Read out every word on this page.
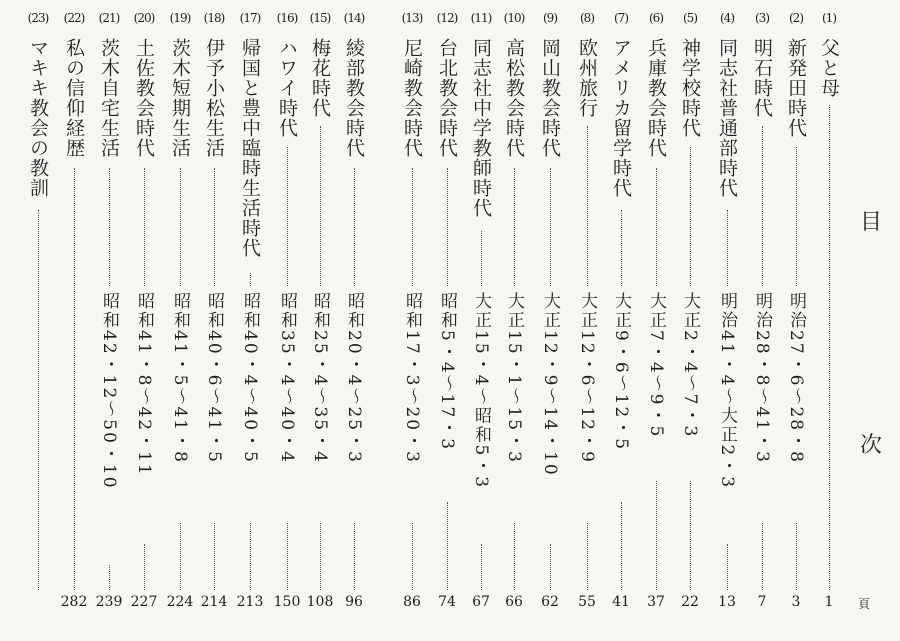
目
次
頁
(1)
父と母
1
(2)
新発田時代
明治27・6〜28・8
3
(3)
明石時代
明治28・8〜41・3
7
(4)
同志社普通部時代
明治41・4〜大正2・3
13
(5)
神学校時代
大正2・4〜7・3
22
(6)
兵庫教会時代
大正7・4〜9・5
37
(7)
アメリカ留学時代
大正9・6〜12・5
41
(8)
欧州旅行
大正12・6〜12・9
55
(9)
岡山教会時代
大正12・9〜14・10
62
(10)
高松教会時代
大正15・1〜15・3
66
(11)
同志社中学教師時代
大正15・4〜昭和5・3
67
(12)
台北教会時代
昭和5・4〜17・3
74
(13)
尼崎教会時代
昭和17・3〜20・3
86
(14)
綾部教会時代
昭和20・4〜25・3
96
(15)
梅花時代
昭和25・4〜35・4
108
(16)
ハワイ時代
昭和35・4〜40・4
150
(17)
帰国と豊中臨時生活時代
昭和40・4〜40・5
213
(18)
伊予小松生活
昭和40・6〜41・5
214
(19)
茨木短期生活
昭和41・5〜41・8
224
(20)
土佐教会時代
昭和41・8〜42・11
227
(21)
茨木自宅生活
昭和42・12〜50・10
239
(22)
私の信仰経歴
282
(23)
マキキ教会の教訓
